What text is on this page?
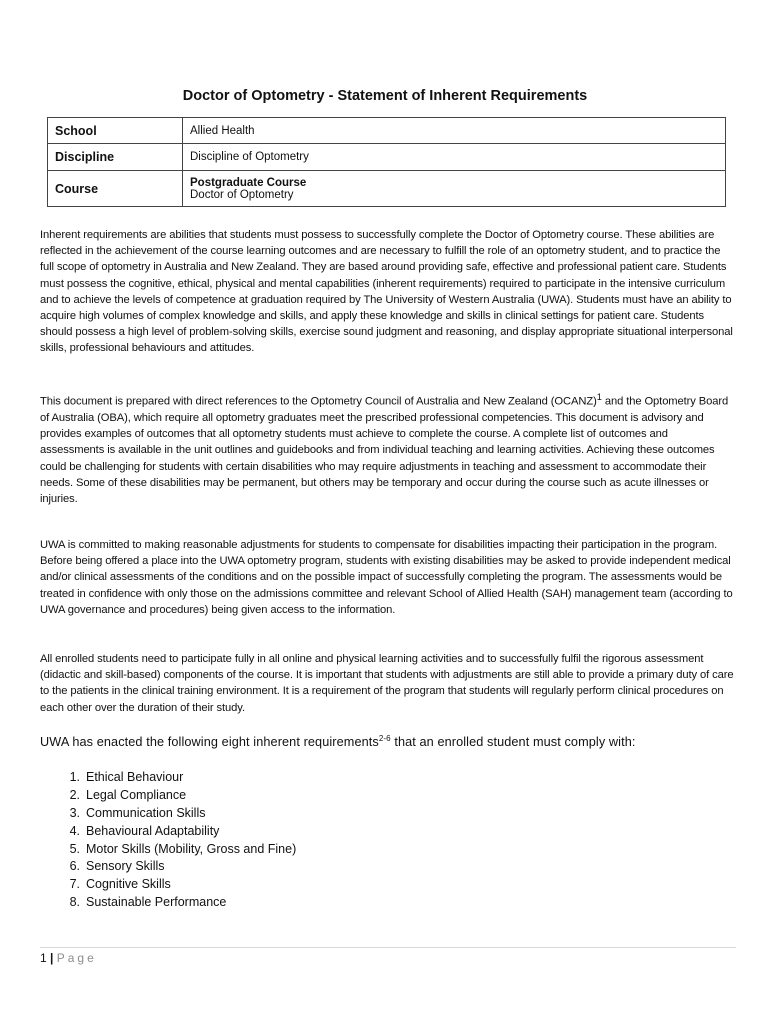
Doctor of Optometry - Statement of Inherent Requirements
School	Allied Health
Discipline	Discipline of Optometry
Course	Postgraduate Course
Doctor of Optometry
Inherent requirements are abilities that students must possess to successfully complete the Doctor of Optometry course. These abilities are reflected in the achievement of the course learning outcomes and are necessary to fulfill the role of an optometry student, and to practice the full scope of optometry in Australia and New Zealand. They are based around providing safe, effective and professional patient care. Students must possess the cognitive, ethical, physical and mental capabilities (inherent requirements) required to participate in the intensive curriculum and to achieve the levels of competence at graduation required by The University of Western Australia (UWA). Students must have an ability to acquire high volumes of complex knowledge and skills, and apply these knowledge and skills in clinical settings for patient care. Students should possess a high level of problem-solving skills, exercise sound judgment and reasoning, and display appropriate situational interpersonal skills, professional behaviours and attitudes.
This document is prepared with direct references to the Optometry Council of Australia and New Zealand (OCANZ)$^1$ and the Optometry Board of Australia (OBA), which require all optometry graduates meet the prescribed professional competencies. This document is advisory and provides examples of outcomes that all optometry students must achieve to complete the course. A complete list of outcomes and assessments is available in the unit outlines and guidebooks and from individual teaching and learning activities. Achieving these outcomes could be challenging for students with certain disabilities who may require adjustments in teaching and assessment to accommodate their needs. Some of these disabilities may be permanent, but others may be temporary and occur during the course such as acute illnesses or injuries.
UWA is committed to making reasonable adjustments for students to compensate for disabilities impacting their participation in the program. Before being offered a place into the UWA optometry program, students with existing disabilities may be asked to provide independent medical and/or clinical assessments of the conditions and on the possible impact of successfully completing the program. The assessments would be treated in confidence with only those on the admissions committee and relevant School of Allied Health (SAH) management team (according to UWA governance and procedures) being given access to the information.
All enrolled students need to participate fully in all online and physical learning activities and to successfully fulfil the rigorous assessment (didactic and skill-based) components of the course. It is important that students with adjustments are still able to provide a primary duty of care to the patients in the clinical training environment. It is a requirement of the program that students will regularly perform clinical procedures on each other over the duration of their study.
UWA has enacted the following eight inherent requirements$^{2-6}$ that an enrolled student must comply with:
1. Ethical Behaviour
2. Legal Compliance
3. Communication Skills
4. Behavioural Adaptability
5. Motor Skills (Mobility, Gross and Fine)
6. Sensory Skills
7. Cognitive Skills
8. Sustainable Performance
1 | Page
